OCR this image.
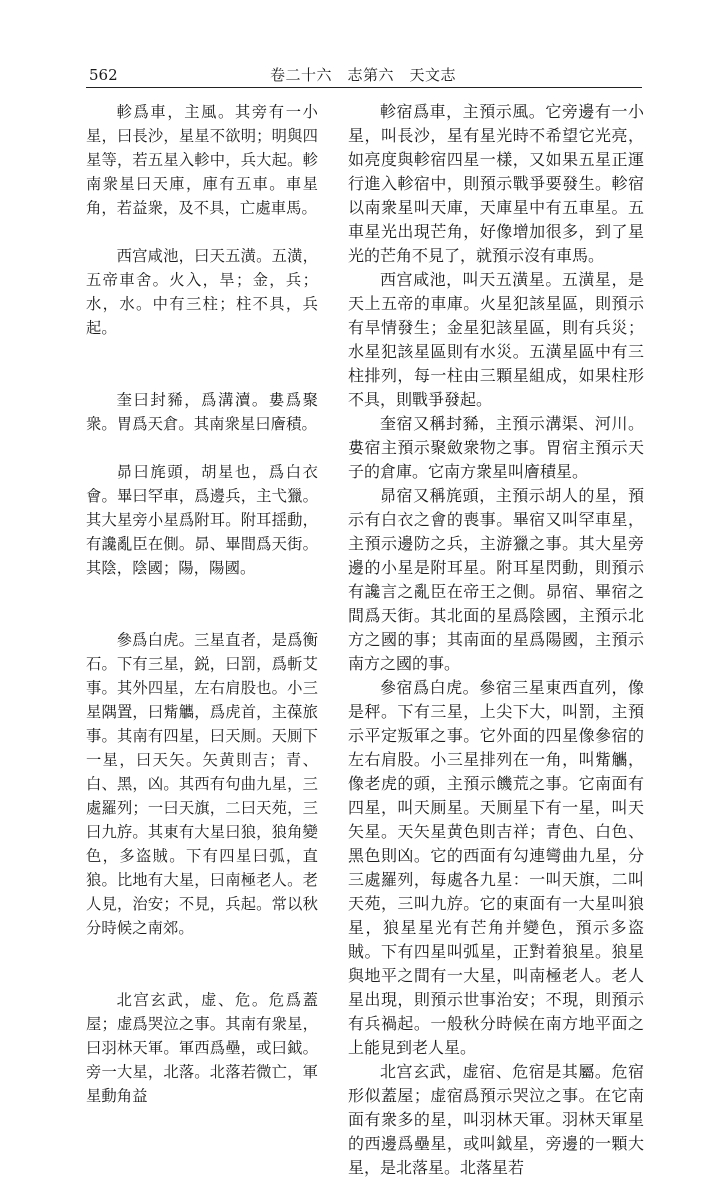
562	卷二十六　志第六　天文志

軫爲車，主風。其旁有一小星，曰長沙，星星不欲明；明與四星等，若五星入軫中，兵大起。軫南衆星曰天庫，庫有五車。車星角，若益衆，及不具，亡處車馬。

西宫咸池，曰天五潢。五潢，五帝車舍。火入，旱；金，兵；水，水。中有三柱；柱不具，兵起。

奎曰封豨，爲溝瀆。婁爲聚衆。胃爲天倉。其南衆星曰廥積。

昴曰旄頭，胡星也，爲白衣會。畢曰罕車，爲邊兵，主弋獵。其大星旁小星爲附耳。附耳揺動，有讒亂臣在側。昴、畢間爲天街。其陰，陰國；陽，陽國。

參爲白虎。三星直者，是爲衡石。下有三星，鋭，曰罰，爲斬艾事。其外四星，左右肩股也。小三星隅置，曰觜觿，爲虎首，主葆旅事。其南有四星，曰天厠。天厠下一星，曰天矢。矢黄則吉；青、白、黑，凶。其西有句曲九星，三處羅列；一曰天旗，二曰天苑，三曰九斿。其東有大星曰狼，狼角變色，多盗賊。下有四星曰弧，直狼。比地有大星，曰南極老人。老人見，治安；不見，兵起。常以秋分時候之南郊。

北宫玄武，虚、危。危爲蓋屋；虚爲哭泣之事。其南有衆星，曰羽林天軍。軍西爲壘，或曰鉞。旁一大星，北落。北落若微亡，軍星動角益

軫宿爲車，主預示風。它旁邊有一小星，叫長沙，星有星光時不希望它光亮，如亮度與軫宿四星一樣，又如果五星正運行進入軫宿中，則預示戰爭要發生。軫宿以南衆星叫天庫，天庫星中有五車星。五車星光出現芒角，好像增加很多，到了星光的芒角不見了，就預示沒有車馬。

西宫咸池，叫天五潢星。五潢星，是天上五帝的車庫。火星犯該星區，則預示有旱情發生；金星犯該星區，則有兵災；水星犯該星區則有水災。五潢星區中有三柱排列，每一柱由三顆星組成，如果柱形不具，則戰爭發起。

奎宿又稱封豨，主預示溝渠、河川。婁宿主預示聚斂衆物之事。胃宿主預示天子的倉庫。它南方衆星叫廥積星。

昴宿又稱旄頭，主預示胡人的星，預示有白衣之會的喪事。畢宿又叫罕車星，主預示邊防之兵，主游獵之事。其大星旁邊的小星是附耳星。附耳星閃動，則預示有讒言之亂臣在帝王之側。昴宿、畢宿之間爲天街。其北面的星爲陰國，主預示北方之國的事；其南面的星爲陽國，主預示南方之國的事。

參宿爲白虎。參宿三星東西直列，像是秤。下有三星，上尖下大，叫罰，主預示平定叛軍之事。它外面的四星像參宿的左右肩股。小三星排列在一角，叫觜觿，像老虎的頭，主預示饑荒之事。它南面有四星，叫天厠星。天厠星下有一星，叫天矢星。天矢星黄色則吉祥；青色、白色、黑色則凶。它的西面有勾連彎曲九星，分三處羅列，每處各九星：一叫天旗，二叫天苑，三叫九斿。它的東面有一大星叫狼星，狼星星光有芒角并變色，預示多盗賊。下有四星叫弧星，正對着狼星。狼星與地平之間有一大星，叫南極老人。老人星出現，則預示世事治安；不現，則預示有兵禍起。一般秋分時候在南方地平面之上能見到老人星。

北宫玄武，虚宿、危宿是其屬。危宿形似蓋屋；虚宿爲預示哭泣之事。在它南面有衆多的星，叫羽林天軍。羽林天軍星的西邊爲壘星，或叫鉞星，旁邊的一顆大星，是北落星。北落星若
